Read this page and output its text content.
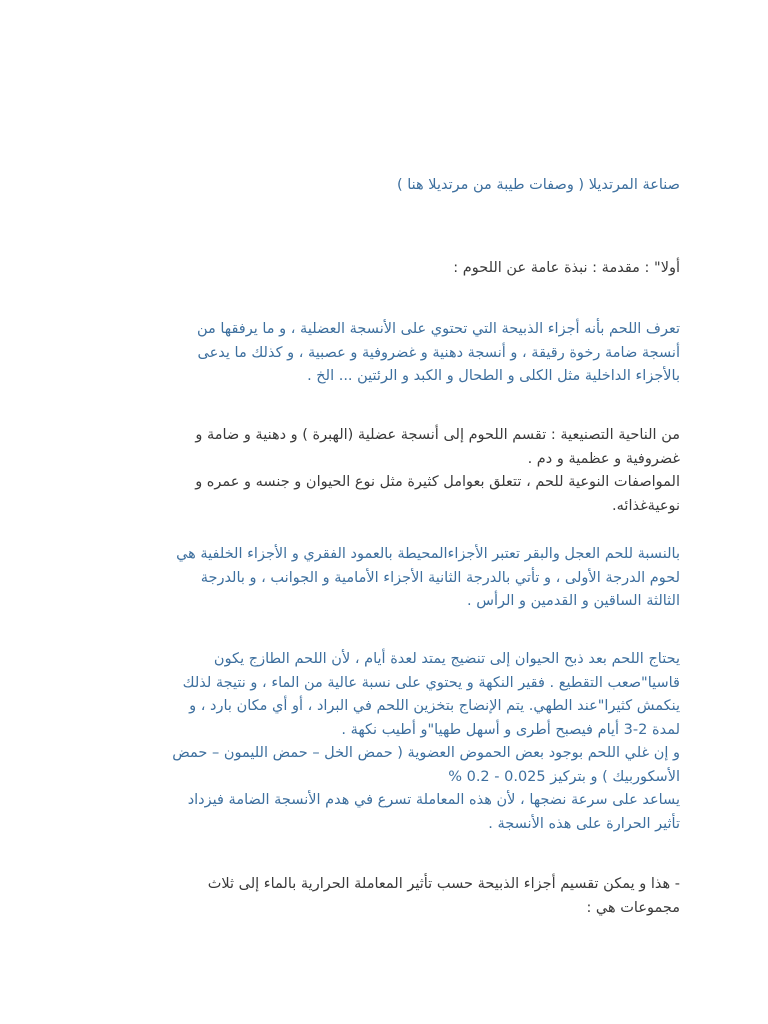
صناعة المرتديلا ( وصفات طيبة من مرتديلا هنا )

أولا" : مقدمة : نبذة عامة عن اللحوم :

تعرف اللحم بأنه أجزاء الذبيحة التي تحتوي على الأنسجة العضلية ، و ما يرفقها من
أنسجة ضامة رخوة رقيقة ، و أنسجة دهنية و غضروفية و عصبية ، و كذلك ما يدعى
بالأجزاء الداخلية مثل الكلى و الطحال و الكبد و الرئتين ... الخ .

من الناحية التصنيعية : تقسم اللحوم إلى أنسجة عضلية (الهبرة ) و دهنية و ضامة و
غضروفية و عظمية و دم .
المواصفات النوعية للحم ، تتعلق بعوامل كثيرة مثل نوع الحيوان و جنسه و عمره و
نوعيةغذائه.

بالنسبة للحم العجل والبقر تعتبر الأجزاءالمحيطة بالعمود الفقري و الأجزاء الخلفية هي
لحوم الدرجة الأولى ، و تأتي بالدرجة الثانية الأجزاء الأمامية و الجوانب ، و بالدرجة
الثالثة الساقين و القدمين و الرأس .

يحتاج اللحم بعد ذبح الحيوان إلى تنضيج يمتد لعدة أيام ، لأن اللحم الطازج يكون
قاسيا"صعب التقطيع . فقير النكهة و يحتوي على نسبة عالية من الماء ، و نتيجة لذلك
ينكمش كثيرا"عند الطهي. يتم الإنضاج بتخزين اللحم في البراد ، أو أي مكان بارد ، و
لمدة 2-3 أيام فيصبح أطرى و أسهل طهيا"و أطيب نكهة .
و إن غلي اللحم بوجود بعض الحموض العضوية ( حمض الخل – حمض الليمون – حمض
الأسكوربيك ) و بتركيز 0.025 - 0.2 %
يساعد على سرعة نضجها ، لأن هذه المعاملة تسرع في هدم الأنسجة الضامة فيزداد
تأثير الحرارة على هذه الأنسجة .

- هذا و يمكن تقسيم أجزاء الذبيحة حسب تأثير المعاملة الحرارية بالماء إلى ثلاث
مجموعات هي :
